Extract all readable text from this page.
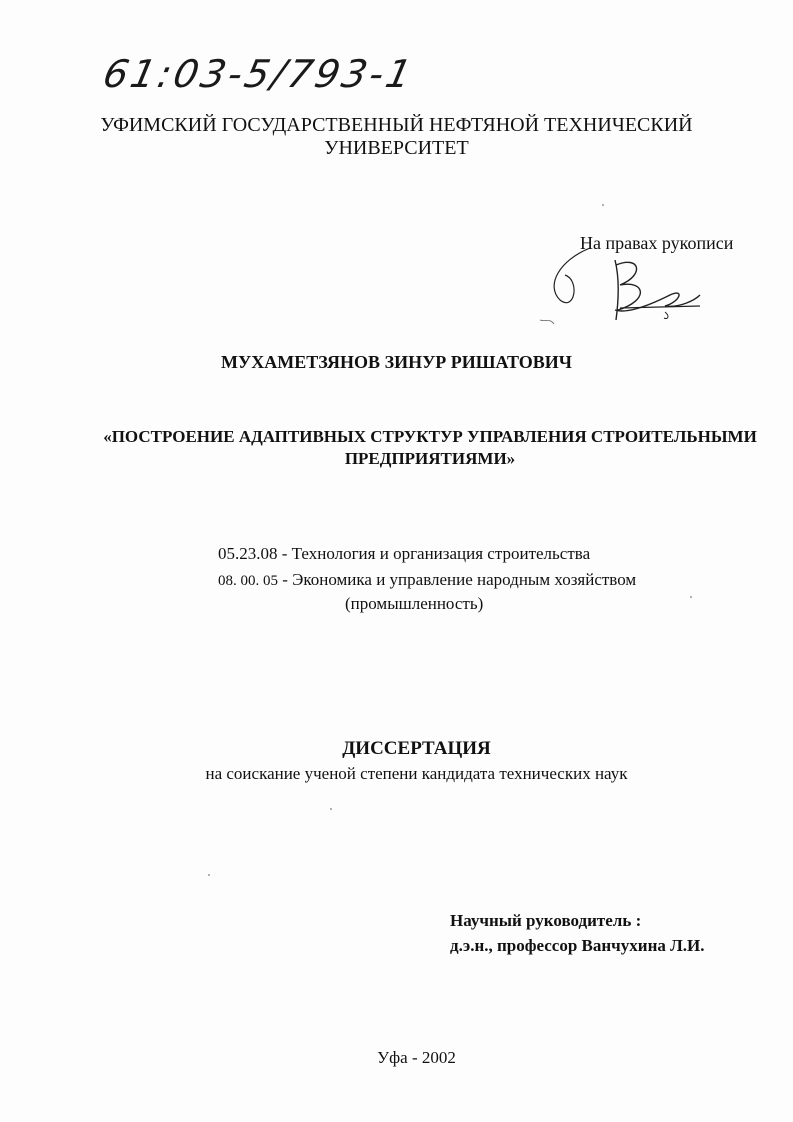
61:03-5/793-1
УФИМСКИЙ ГОСУДАРСТВЕННЫЙ НЕФТЯНОЙ ТЕХНИЧЕСКИЙ
УНИВЕРСИТЕТ
На правах рукописи
МУХАМЕТЗЯНОВ ЗИНУР РИШАТОВИЧ
«ПОСТРОЕНИЕ АДАПТИВНЫХ СТРУКТУР УПРАВЛЕНИЯ СТРОИТЕЛЬНЫМИ
ПРЕДПРИЯТИЯМИ»
05.23.08 - Технология и организация строительства
08. 00. 05 - Экономика и управление народным хозяйством
(промышленность)
ДИССЕРТАЦИЯ
на соискание ученой степени кандидата технических наук
Научный руководитель :
д.э.н., профессор Ванчухина Л.И.
Уфа - 2002
